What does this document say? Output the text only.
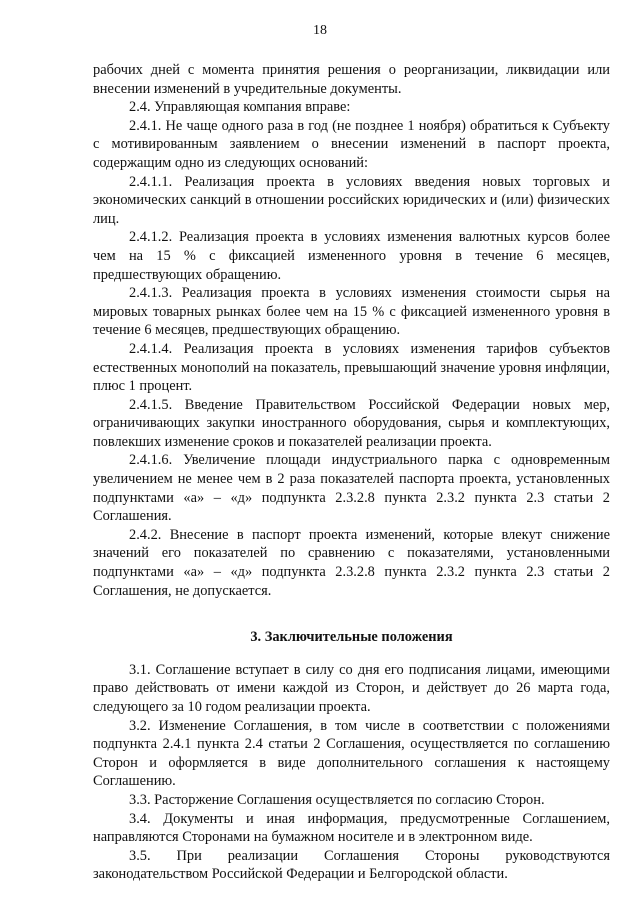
18

рабочих дней с момента принятия решения о реорганизации, ликвидации или внесении изменений в учредительные документы.

2.4. Управляющая компания вправе:

2.4.1. Не чаще одного раза в год (не позднее 1 ноября) обратиться к Субъекту с мотивированным заявлением о внесении изменений в паспорт проекта, содержащим одно из следующих оснований:

2.4.1.1. Реализация проекта в условиях введения новых торговых и экономических санкций в отношении российских юридических и (или) физических лиц.

2.4.1.2. Реализация проекта в условиях изменения валютных курсов более чем на 15 % с фиксацией измененного уровня в течение 6 месяцев, предшествующих обращению.

2.4.1.3. Реализация проекта в условиях изменения стоимости сырья на мировых товарных рынках более чем на 15 % с фиксацией измененного уровня в течение 6 месяцев, предшествующих обращению.

2.4.1.4. Реализация проекта в условиях изменения тарифов субъектов естественных монополий на показатель, превышающий значение уровня инфляции, плюс 1 процент.

2.4.1.5. Введение Правительством Российской Федерации новых мер, ограничивающих закупки иностранного оборудования, сырья и комплектующих, повлекших изменение сроков и показателей реализации проекта.

2.4.1.6. Увеличение площади индустриального парка с одновременным увеличением не менее чем в 2 раза показателей паспорта проекта, установленных подпунктами «а» – «д» подпункта 2.3.2.8 пункта 2.3.2 пункта 2.3 статьи 2 Соглашения.

2.4.2. Внесение в паспорт проекта изменений, которые влекут снижение значений его показателей по сравнению с показателями, установленными подпунктами «а» – «д» подпункта 2.3.2.8 пункта 2.3.2 пункта 2.3 статьи 2 Соглашения, не допускается.

3. Заключительные положения

3.1. Соглашение вступает в силу со дня его подписания лицами, имеющими право действовать от имени каждой из Сторон, и действует до 26 марта года, следующего за 10 годом реализации проекта.

3.2. Изменение Соглашения, в том числе в соответствии с положениями подпункта 2.4.1 пункта 2.4 статьи 2 Соглашения, осуществляется по соглашению Сторон и оформляется в виде дополнительного соглашения к настоящему Соглашению.

3.3. Расторжение Соглашения осуществляется по согласию Сторон.

3.4. Документы и иная информация, предусмотренные Соглашением, направляются Сторонами на бумажном носителе и в электронном виде.

3.5. При реализации Соглашения Стороны руководствуются законодательством Российской Федерации и Белгородской области.
